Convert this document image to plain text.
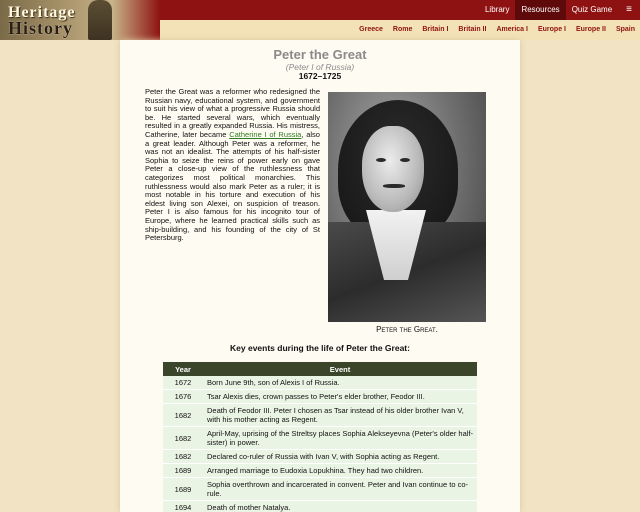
Heritage
History
Library	Resources	Quiz Game	≡
Greece	Rome	Britain I	Britain II	America I	Europe I	Europe II	Spain
Peter the Great
(Peter I of Russia)
1672–1725
Peter the Great was a reformer who redesigned the Russian navy, educational system, and government to suit his view of what a progressive Russia should be. He started several wars, which eventually resulted in a greatly expanded Russia. His mistress, Catherine, later became Catherine I of Russia, also a great leader. Although Peter was a reformer, he was not an idealist. The attempts of his half-sister Sophia to seize the reins of power early on gave Peter a close-up view of the ruthlessness that categorizes most political monarchies. This ruthlessness would also mark Peter as a ruler; it is most notable in his torture and execution of his eldest living son Alexei, on suspicion of treason. Peter I is also famous for his incognito tour of Europe, where he learned practical skills such as ship-building, and his founding of the city of St Petersburg.
Peter the Great.
Key events during the life of Peter the Great:
Year	Event
1672	Born June 9th, son of Alexis I of Russia.
1676	Tsar Alexis dies, crown passes to Peter's elder brother, Feodor III.
1682	Death of Feodor III. Peter I chosen as Tsar instead of his older brother Ivan V, with his mother acting as Regent.
1682	April-May, uprising of the Streltsy places Sophia Alekseyevna (Peter's older half-sister) in power.
1682	Declared co-ruler of Russia with Ivan V, with Sophia acting as Regent.
1689	Arranged marriage to Eudoxia Lopukhina. They had two children.
1689	Sophia overthrown and incarcerated in convent. Peter and Ivan continue to co-rule.
1694	Death of mother Natalya.
